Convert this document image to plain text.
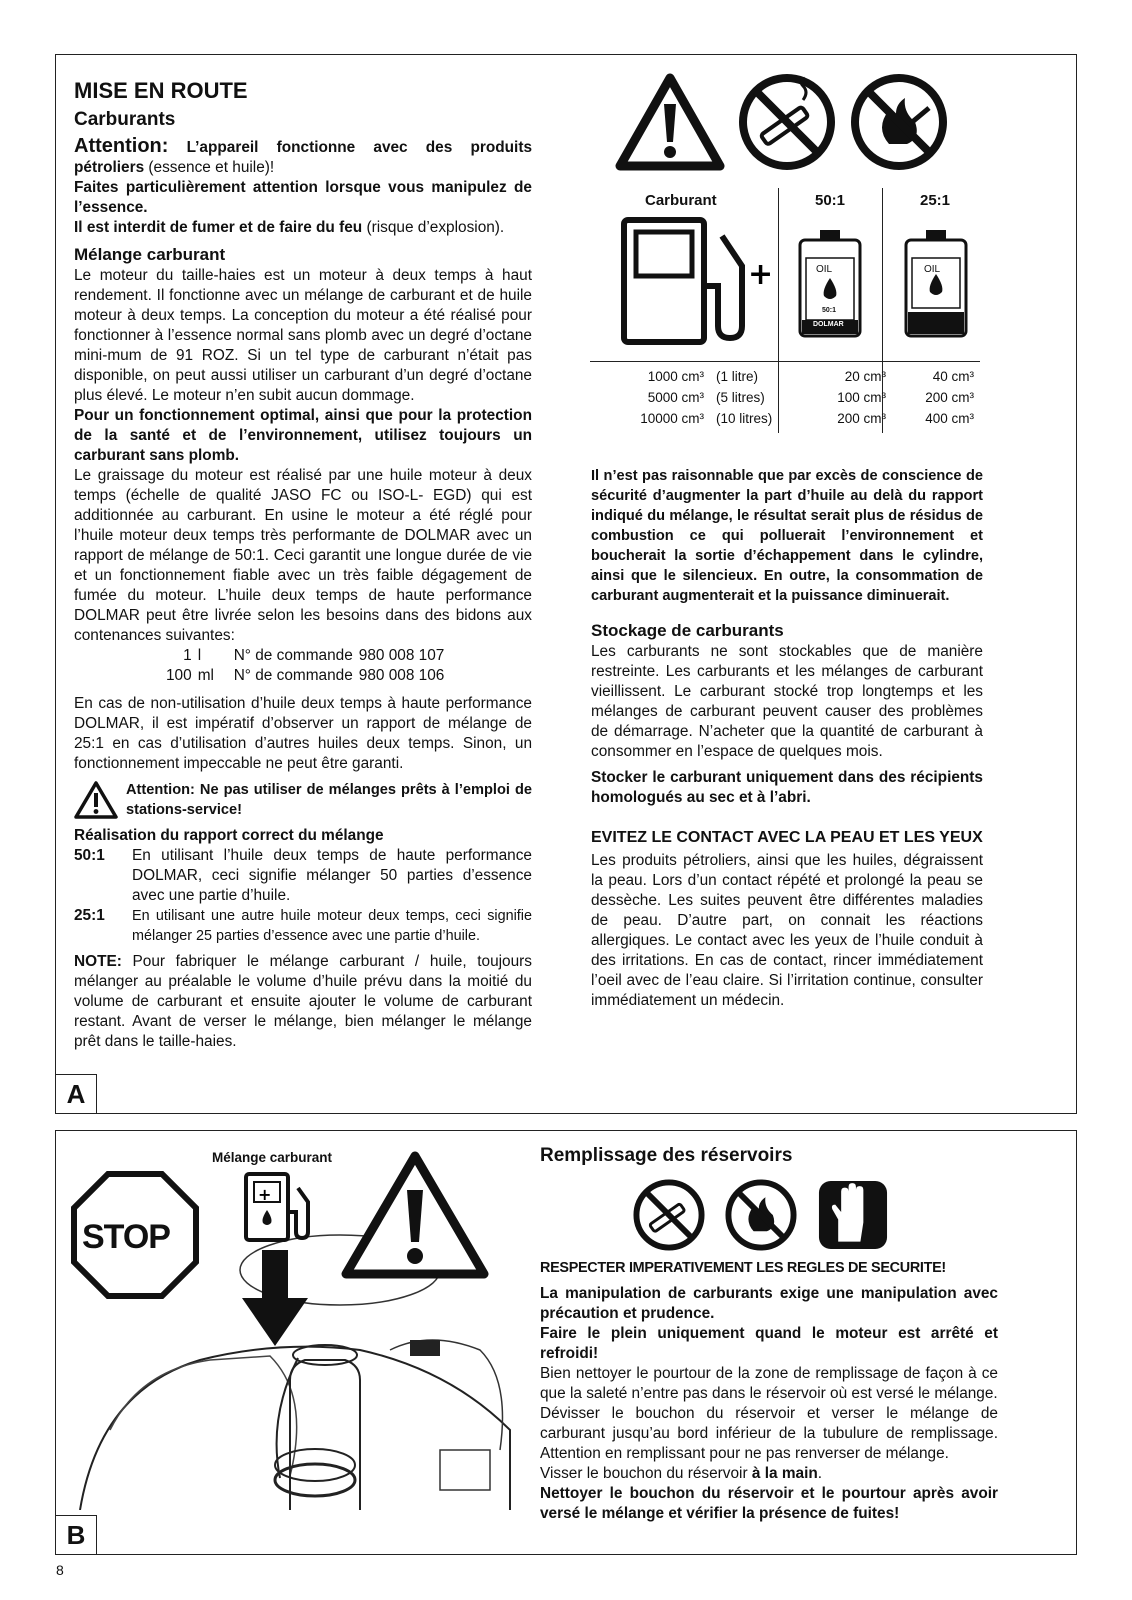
A
MISE EN ROUTE
Carburants

Attention: L’appareil fonctionne avec des produits pétroliers (essence et huile)!

Faites particulièrement attention lorsque vous manipulez de l’essence.

Il est interdit de fumer et de faire du feu (risque d’explosion).

Mélange carburant

Le moteur du taille-haies est un moteur à deux temps à haut rendement. Il fonctionne avec un mélange de carburant et de huile moteur à deux temps. La conception du moteur a été réalisé pour fonctionner à l’essence normal sans plomb avec un degré d’octane mini-mum de 91 ROZ. Si un tel type de carburant n’était pas disponible, on peut aussi utiliser un carburant d’un degré d’octane plus élevé. Le moteur n’en subit aucun dommage.

Pour un fonctionnement optimal, ainsi que pour la protection de la santé et de l’environnement, utilisez toujours un carburant sans plomb.

Le graissage du moteur est réalisé par une huile moteur à deux temps (échelle de qualité JASO FC ou ISO-L- EGD) qui est additionnée au carburant. En usine le moteur a été réglé pour l’huile moteur deux temps très performante de DOLMAR avec un rapport de mélange de 50:1. Ceci garantit une longue durée de vie et un fonctionnement fiable avec un très faible dégagement de fumée du moteur. L’huile deux temps de haute performance DOLMAR peut être livrée selon les besoins dans des bidons aux contenances suivantes:

1	l	N° de commande	980 008 107
100	ml	N° de commande	980 008 106

En cas de non-utilisation d’huile deux temps à haute performance DOLMAR, il est impératif d’observer un rapport de mélange de 25:1 en cas d’utilisation d’autres huiles deux temps. Sinon, un fonctionnement impeccable ne peut être garanti.

Attention: Ne pas utiliser de mélanges prêts à l’emploi de stations-service!

Réalisation du rapport correct du mélange
50:1	En utilisant l’huile deux temps de haute performance DOLMAR, ceci signifie mélanger 50 parties d’essence avec une partie d’huile.
25:1	En utilisant une autre huile moteur deux temps, ceci signifie mélanger 25 parties d’essence avec une partie d’huile.

NOTE: Pour fabriquer le mélange carburant / huile, toujours mélanger au préalable le volume d’huile prévu dans la moitié du volume de carburant et ensuite ajouter le volume de carburant restant. Avant de verser le mélange, bien mélanger le mélange prêt dans le taille-haies.

Carburant	50:1	25:1
+	OIL
50:1
DOLMAR
OIL
1000 cm³	(1 litre)	20 cm³	40 cm³
5000 cm³	(5 litres)	100 cm³	200 cm³
10000 cm³	(10 litres)	200 cm³	400 cm³

Il n’est pas raisonnable que par excès de conscience de sécurité d’augmenter la part d’huile au delà du rapport indiqué du mélange, le résultat serait plus de résidus de combustion ce qui polluerait l’environnement et boucherait la sortie d’échappement dans le cylindre, ainsi que le silencieux. En outre, la consommation de carburant augmenterait et la puissance diminuerait.

Stockage de carburants

Les carburants ne sont stockables que de manière restreinte. Les carburants et les mélanges de carburant vieillissent. Le carburant stocké trop longtemps et les mélanges de carburant peuvent causer des problèmes de démarrage. N’acheter que la quantité de carburant à consommer en l’espace de quelques mois.

Stocker le carburant uniquement dans des récipients homologués au sec et à l’abri.

EVITEZ LE CONTACT AVEC LA PEAU ET LES YEUX

Les produits pétroliers, ainsi que les huiles, dégraissent la peau. Lors d’un contact répété et prolongé la peau se dessèche. Les suites peuvent être différentes maladies de peau. D’autre part, on connait les réactions allergiques. Le contact avec les yeux de l’huile conduit à des irritations. En cas de contact, rincer immédiatement l’oeil avec de l’eau claire. Si l’irritation continue, consulter immédiatement un médecin.

B
Mélange carburant
STOP
+
Remplissage des réservoirs
RESPECTER IMPERATIVEMENT LES REGLES DE SECURITE!

La manipulation de carburants exige une manipulation avec précaution et prudence.

Faire le plein uniquement quand le moteur est arrêté et refroidi!

Bien nettoyer le pourtour de la zone de remplissage de façon à ce que la saleté n’entre pas dans le réservoir où est versé le mélange.

Dévisser le bouchon du réservoir et verser le mélange de carburant jusqu’au bord inférieur de la tubulure de remplissage. Attention en remplissant pour ne pas renverser de mélange.

Visser le bouchon du réservoir à la main.

Nettoyer le bouchon du réservoir et le pourtour après avoir versé le mélange et vérifier la présence de fuites!

8
